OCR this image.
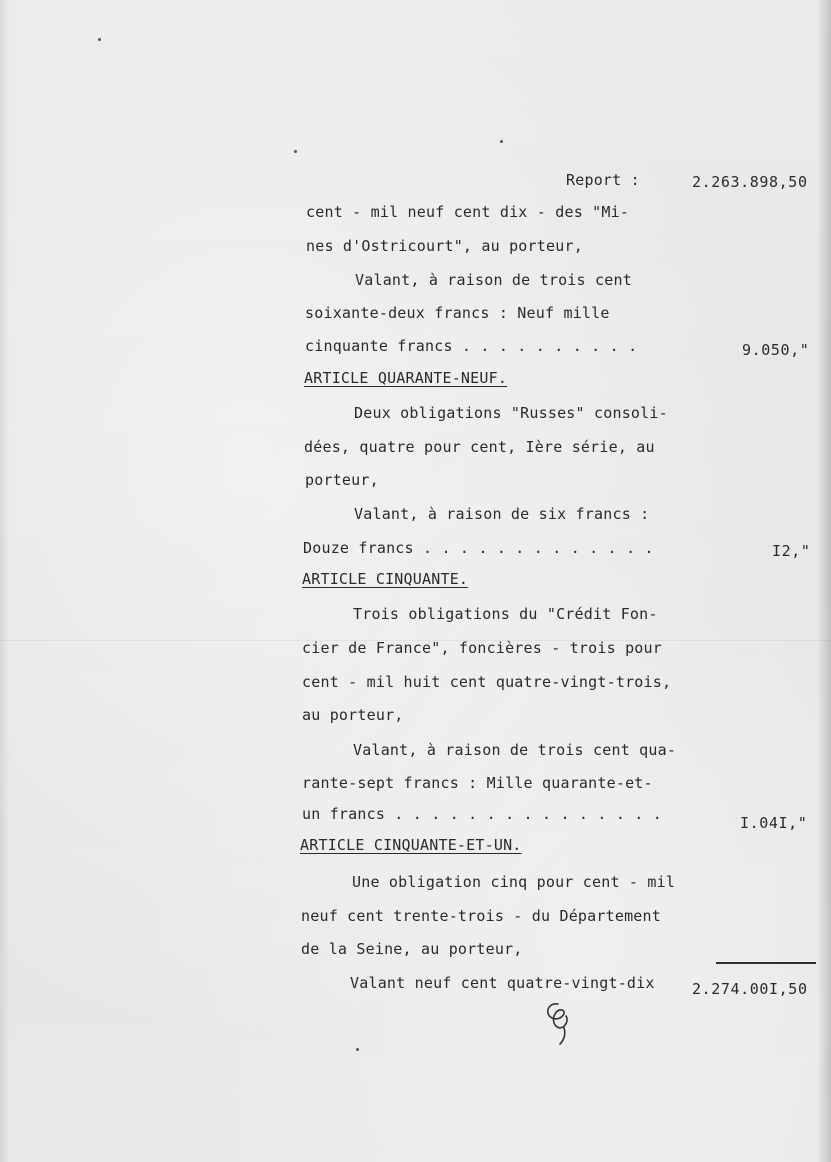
Report :	2.263.898,50
cent - mil neuf cent dix - des "Mi-
nes d'Ostricourt", au porteur,
Valant, à raison de trois cent
soixante-deux francs : Neuf mille
cinquante francs . . . . . . . . . .	9.050,"
ARTICLE QUARANTE-NEUF.
Deux obligations "Russes" consoli-
dées, quatre pour cent, Ière série, au
porteur,
Valant, à raison de six francs :
Douze francs . . . . . . . . . . . . .	I2,"
ARTICLE CINQUANTE.
Trois obligations du "Crédit Fon-
cier de France", foncières - trois pour
cent - mil huit cent quatre-vingt-trois,
au porteur,
Valant, à raison de trois cent qua-
rante-sept francs : Mille quarante-et-
un francs . . . . . . . . . . . . . . .	I.04I,"
ARTICLE CINQUANTE-ET-UN.
Une obligation cinq pour cent - mil
neuf cent trente-trois - du Département
de la Seine, au porteur,
Valant neuf cent quatre-vingt-dix 2.274.00I,50
